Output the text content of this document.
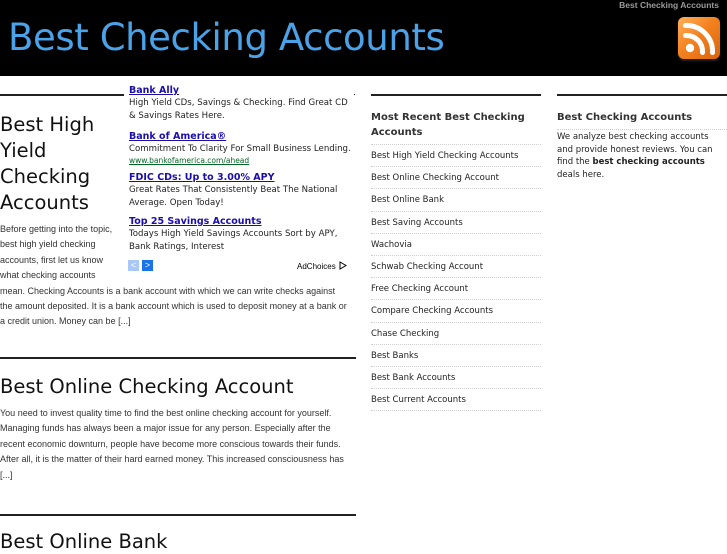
Best Checking Accounts
Best Checking Accounts
Best High
Yield
Checking
Accounts
Before getting into the topic,
best high yield checking
accounts, first let us know
what checking accounts
mean. Checking Accounts is a bank account with which we can write checks against
the amount deposited. It is a bank account which is used to deposit money at a bank or
a credit union. Money can be [...]
Bank Ally
High Yield CDs, Savings & Checking. Find Great CD & Savings Rates Here.
Bank of America®
Commitment To Clarity For Small Business Lending.
www.bankofamerica.com/ahead
FDIC CDs: Up to 3.00% APY
Great Rates That Consistently Beat The National Average. Open Today!
Top 25 Savings Accounts
Todays High Yield Savings Accounts Sort by APY, Bank Ratings, Interest
< >	AdChoices
Best Online Checking Account
You need to invest quality time to find the best online checking account for yourself.
Managing funds has always been a major issue for any person. Especially after the
recent economic downturn, people have become more conscious towards their funds.
After all, it is the matter of their hard earned money. This increased consciousness has
[...]
Best Online Bank
Most Recent Best Checking
Accounts
Best High Yield Checking Accounts
Best Online Checking Account
Best Online Bank
Best Saving Accounts
Wachovia
Schwab Checking Account
Free Checking Account
Compare Checking Accounts
Chase Checking
Best Banks
Best Bank Accounts
Best Current Accounts
Best Checking Accounts

We analyze best checking accounts and provide honest reviews. You can find the best checking accounts deals here.
